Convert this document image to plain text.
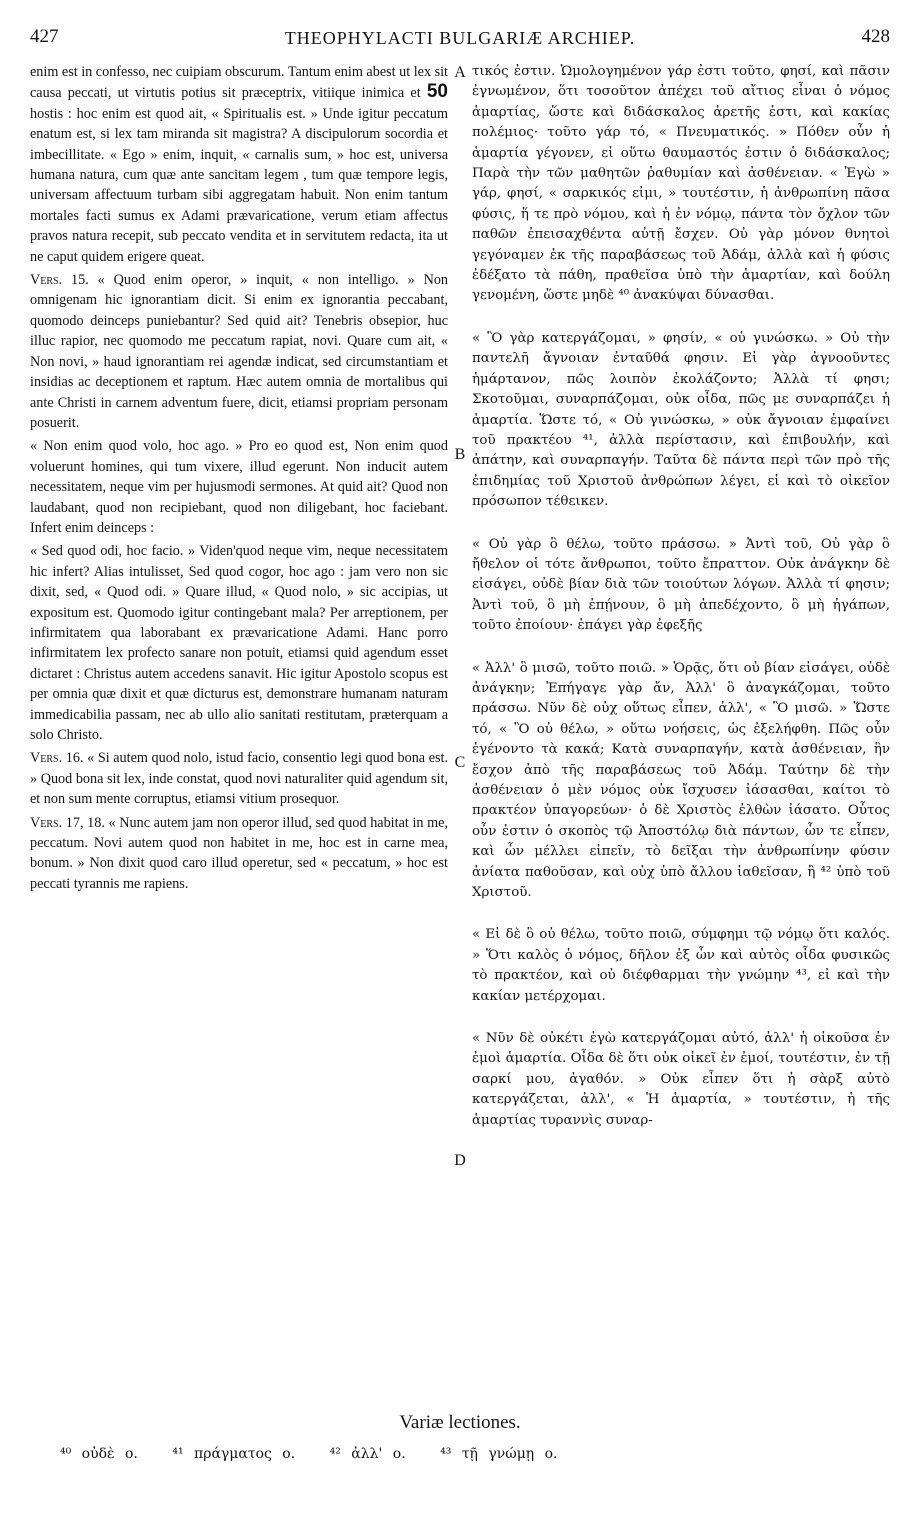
427	THEOPHYLACTI BULGARIÆ ARCHIEP.	428

enim est in confesso, nec cuipiam obscurum. Tantum enim abest ut lex sit causa peccati, ut virtutis potius sit præceptrix, vitiique inimica et 50 hostis : hoc enim est quod ait, « Spiritualis est. » Unde igitur peccatum enatum est, si lex tam miranda sit magistra? A discipulorum socordia et imbecillitate. « Ego » enim, inquit, « carnalis sum, » hoc est, universa humana natura, cum quæ ante sancitam legem , tum quæ tempore legis, universam affectuum turbam sibi aggregatam habuit. Non enim tantum mortales facti sumus ex Adami prævaricatione, verum etiam affectus pravos natura recepit, sub peccato vendita et in servitutem redacta, ita ut ne caput quidem erigere queat.

Vers. 15. « Quod enim operor, » inquit, « non intelligo. » Non omnigenam hic ignorantiam dicit. Si enim ex ignorantia peccabant, quomodo deinceps puniebantur? Sed quid ait? Tenebris obsepior, huc illuc rapior, nec quomodo me peccatum rapiat, novi. Quare cum ait, « Non novi, » haud ignorantiam rei agendæ indicat, sed circumstantiam et insidias ac deceptionem et raptum. Hæc autem omnia de mortalibus qui ante Christi in carnem adventum fuere, dicit, etiamsi propriam personam posuerit.

« Non enim quod volo, hoc ago. » Pro eo quod est, Non enim quod voluerunt homines, qui tum vixere, illud egerunt. Non inducit autem necessitatem, neque vim per hujusmodi sermones. At quid ait? Quod non laudabant, quod non recipiebant, quod non diligebant, hoc faciebant. Infert enim deinceps :

« Sed quod odi, hoc facio. » Viden'quod neque vim, neque necessitatem hic infert? Alias intulisset, Sed quod cogor, hoc ago : jam vero non sic dixit, sed, « Quod odi. » Quare illud, « Quod nolo, » sic accipias, ut expositum est. Quomodo igitur contingebant mala? Per arreptionem, per infirmitatem qua laborabant ex prævaricatione Adami. Hanc porro infirmitatem lex profecto sanare non potuit, etiamsi quid agendum esset dictaret : Christus autem accedens sanavit. Hic igitur Apostolo scopus est per omnia quæ dixit et quæ dicturus est, demonstrare humanam naturam immedicabilia passam, nec ab ullo alio sanitati restitutam, præterquam a solo Christo.

Vers. 16. « Si autem quod nolo, istud facio, consentio legi quod bona est. » Quod bona sit lex, inde constat, quod novi naturaliter quid agendum sit, et non sum mente corruptus, etiamsi vitium prosequor.

Vers. 17, 18. « Nunc autem jam non operor illud, sed quod habitat in me, peccatum. Novi autem quod non habitet in me, hoc est in carne mea, bonum. » Non dixit quod caro illud operetur, sed « peccatum, » hoc est peccati tyrannis me rapiens.

A
B
C
D

τικός ἐστιν. Ὡμολογημένον γάρ ἐστι τοῦτο, φησί, καὶ πᾶσιν ἐγνωμένον, ὅτι τοσοῦτον ἀπέχει τοῦ αἴτιος εἶναι ὁ νόμος ἁμαρτίας, ὥστε καὶ διδάσκαλος ἀρετῆς ἐστι, καὶ κακίας πολέμιος· τοῦτο γάρ τό, « Πνευματικός. » Πόθεν οὖν ἡ ἁμαρτία γέγονεν, εἰ οὕτω θαυμαστός ἐστιν ὁ διδάσκαλος; Παρὰ τὴν τῶν μαθητῶν ῥαθυμίαν καὶ ἀσθένειαν. « Ἐγὼ » γάρ, φησί, « σαρκικός εἰμι, » τουτέστιν, ἡ ἀνθρωπίνη πᾶσα φύσις, ἥ τε πρὸ νόμου, καὶ ἡ ἐν νόμῳ, πάντα τὸν ὄχλον τῶν παθῶν ἐπεισαχθέντα αὐτῇ ἔσχεν. Οὐ γὰρ μόνον θνητοὶ γεγόναμεν ἐκ τῆς παραβάσεως τοῦ Ἀδάμ, ἀλλὰ καὶ ἡ φύσις ἐδέξατο τὰ πάθη, πραθεῖσα ὑπὸ τὴν ἁμαρτίαν, καὶ δούλη γενομένη, ὥστε μηδὲ ⁴⁰ ἀνακύψαι δύνασθαι.

« Ὃ γὰρ κατεργάζομαι, » φησίν, « οὐ γινώσκω. » Οὐ τὴν παντελῆ ἄγνοιαν ἐνταῦθά φησιν. Εἰ γὰρ ἀγνοοῦντες ἡμάρτανον, πῶς λοιπὸν ἐκολάζοντο; Ἀλλὰ τί φησι; Σκοτοῦμαι, συναρπάζομαι, οὐκ οἶδα, πῶς με συναρπάζει ἡ ἁμαρτία. Ὥστε τό, « Οὐ γινώσκω, » οὐκ ἄγνοιαν ἐμφαίνει τοῦ πρακτέου ⁴¹, ἀλλὰ περίστασιν, καὶ ἐπιβουλήν, καὶ ἀπάτην, καὶ συναρπαγήν. Ταῦτα δὲ πάντα περὶ τῶν πρὸ τῆς ἐπιδημίας τοῦ Χριστοῦ ἀνθρώπων λέγει, εἰ καὶ τὸ οἰκεῖον πρόσωπον τέθεικεν.

« Οὐ γὰρ ὃ θέλω, τοῦτο πράσσω. » Ἀντὶ τοῦ, Οὐ γὰρ ὃ ἤθελον οἱ τότε ἄνθρωποι, τοῦτο ἔπραττον. Οὐκ ἀνάγκην δὲ εἰσάγει, οὐδὲ βίαν διὰ τῶν τοιούτων λόγων. Ἀλλὰ τί φησιν; Ἀντὶ τοῦ, ὃ μὴ ἐπῄνουν, ὃ μὴ ἀπεδέχοντο, ὃ μὴ ἠγάπων, τοῦτο ἐποίουν· ἐπάγει γὰρ ἐφεξῆς

« Ἀλλ' ὃ μισῶ, τοῦτο ποιῶ. » Ὁρᾷς, ὅτι οὐ βίαν εἰσάγει, οὐδὲ ἀνάγκην; Ἐπήγαγε γὰρ ἄν, Ἀλλ' ὃ ἀναγκάζομαι, τοῦτο πράσσω. Νῦν δὲ οὐχ οὕτως εἶπεν, ἀλλ', « Ὃ μισῶ. » Ὥστε τό, « Ὃ οὐ θέλω, » οὕτω νοήσεις, ὡς ἐξελήφθη. Πῶς οὖν ἐγένοντο τὰ κακά; Κατὰ συναρπαγήν, κατὰ ἀσθένειαν, ἣν ἔσχον ἀπὸ τῆς παραβάσεως τοῦ Ἀδάμ. Ταύτην δὲ τὴν ἀσθένειαν ὁ μὲν νόμος οὐκ ἴσχυσεν ἰάσασθαι, καίτοι τὸ πρακτέον ὑπαγορεύων· ὁ δὲ Χριστὸς ἐλθὼν ἰάσατο. Οὗτος οὖν ἐστιν ὁ σκοπὸς τῷ Ἀποστόλῳ διὰ πάντων, ὧν τε εἶπεν, καὶ ὧν μέλλει εἰπεῖν, τὸ δεῖξαι τὴν ἀνθρωπίνην φύσιν ἀνίατα παθοῦσαν, καὶ οὐχ ὑπὸ ἄλλου ἰαθεῖσαν, ἢ ⁴² ὑπὸ τοῦ Χριστοῦ.

« Εἰ δὲ ὃ οὐ θέλω, τοῦτο ποιῶ, σύμφημι τῷ νόμῳ ὅτι καλός. » Ὅτι καλὸς ὁ νόμος, δῆλον ἐξ ὧν καὶ αὐτὸς οἶδα φυσικῶς τὸ πρακτέον, καὶ οὐ διέφθαρμαι τὴν γνώμην ⁴³, εἰ καὶ τὴν κακίαν μετέρχομαι.

« Νῦν δὲ οὐκέτι ἐγὼ κατεργάζομαι αὐτό, ἀλλ' ἡ οἰκοῦσα ἐν ἐμοὶ ἁμαρτία. Οἶδα δὲ ὅτι οὐκ οἰκεῖ ἐν ἐμοί, τουτέστιν, ἐν τῇ σαρκί μου, ἀγαθόν. » Οὐκ εἶπεν ὅτι ἡ σὰρξ αὐτὸ κατεργάζεται, ἀλλ', « Ἡ ἁμαρτία, » τουτέστιν, ἡ τῆς ἁμαρτίας τυραννὶς συναρ-

Variæ lectiones.
⁴⁰ οὐδὲ ο. ⁴¹ πράγματος ο. ⁴² ἀλλ' ο. ⁴³ τῇ γνώμῃ ο.
